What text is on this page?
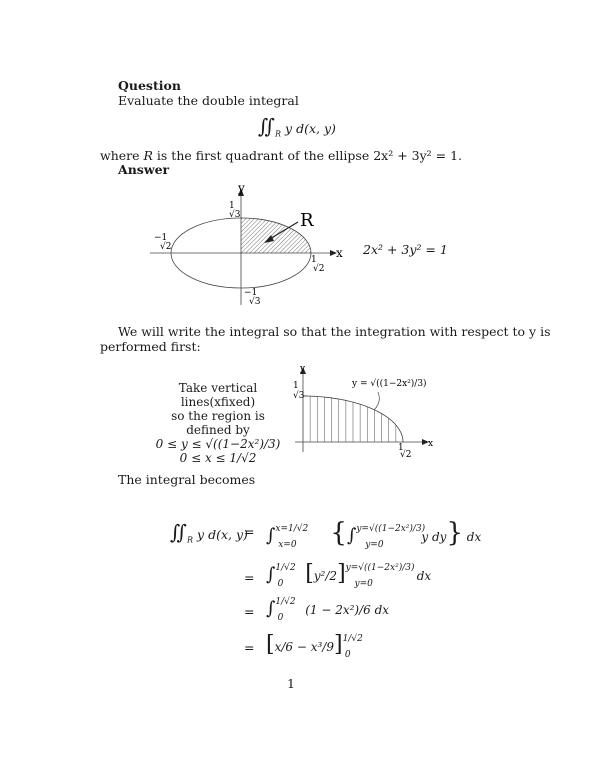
Question
Evaluate the double integral
$∬_R$ y d(x, y)
where R is the first quadrant of the ellipse 2x² + 3y² = 1.
Answer
y
x
R
1
√3
−1
√3
−1
√2
1
√2
2x² + 3y² = 1
We will write the integral so that the integration with respect to y is
performed first:
Take vertical lines(xfixed)
so the region is defined by
0 ≤ y ≤ √((1−2x²)/3)
0 ≤ x ≤ 1/√2
y
x
1
√3
1
√2
y = √((1−2x²)/3)
The integral becomes
$∬_R$ y d(x, y)
= ∫$^{x=1/√2}_{x=0}$ {∫$^{y=√((1-2x^2)/3)}_{y=0}$ y dy} dx
= ∫$^{1/√2}_0$ $[y^2/2]^{y=√((1-2x^2)/3)}_{y=0}$ dx
= ∫$^{1/√2}_0$ (1 − 2x²)/6 dx
= $[x/6 - x^3/9]^{1/√2}_0$
1
